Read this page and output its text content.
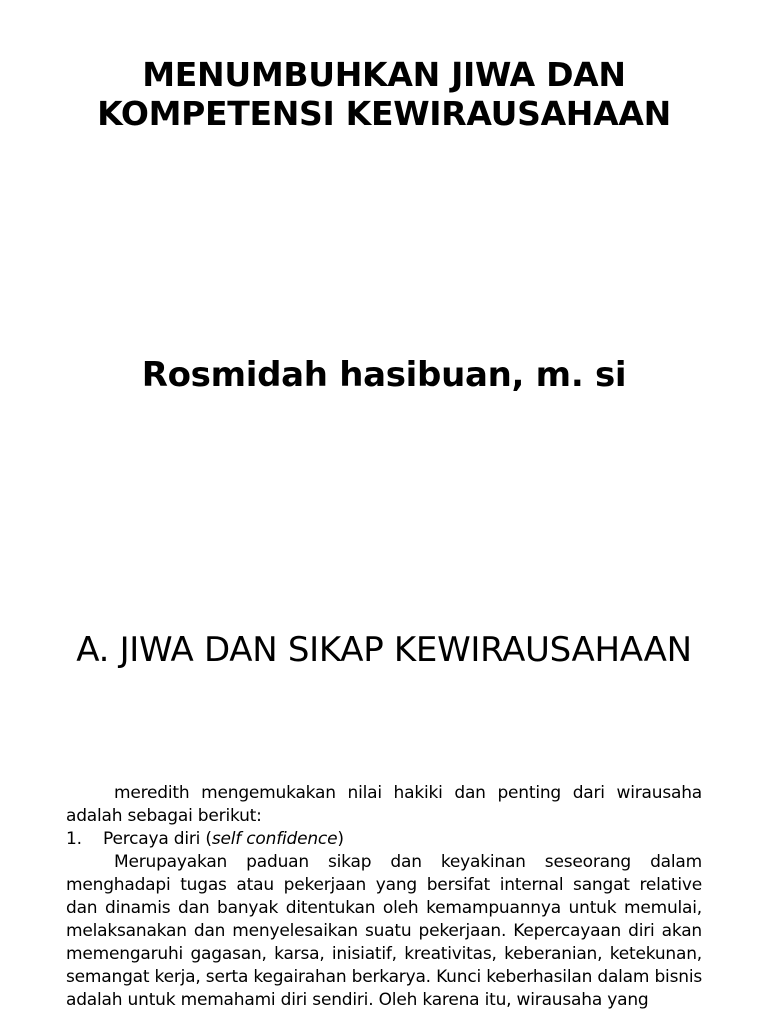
MENUMBUHKAN JIWA DAN
KOMPETENSI KEWIRAUSAHAAN
Rosmidah hasibuan, m. si
A. JIWA DAN SIKAP KEWIRAUSAHAAN

meredith mengemukakan nilai hakiki dan penting dari wirausaha adalah sebagai berikut:

1.	Percaya diri (self confidence)

Merupayakan paduan sikap dan keyakinan seseorang dalam menghadapi tugas atau pekerjaan yang bersifat internal sangat relative dan dinamis dan banyak ditentukan oleh kemampuannya untuk memulai, melaksanakan dan menyelesaikan suatu pekerjaan. Kepercayaan diri akan memengaruhi gagasan, karsa, inisiatif, kreativitas, keberanian, ketekunan, semangat kerja, serta kegairahan berkarya. Kunci keberhasilan dalam bisnis adalah untuk memahami diri sendiri. Oleh karena itu, wirausaha yang
